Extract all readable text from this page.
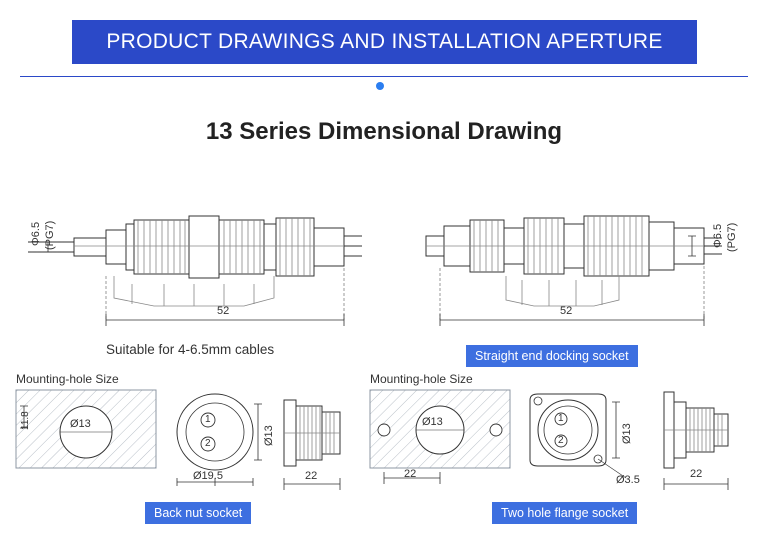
PRODUCT DRAWINGS AND INSTALLATION APERTURE
13 Series Dimensional Drawing
Φ6.5 (PG7)
52
Suitable for 4-6.5mm cables
Φ6.5 (PG7)
52
Straight end docking socket
Mounting-hole Size
11.8	Ø13	1
2
Ø19.5
Ø13
22
Back nut socket
Mounting-hole Size
Ø13
22
1
2	Ø13
Ø3.5	22
Two hole flange socket
